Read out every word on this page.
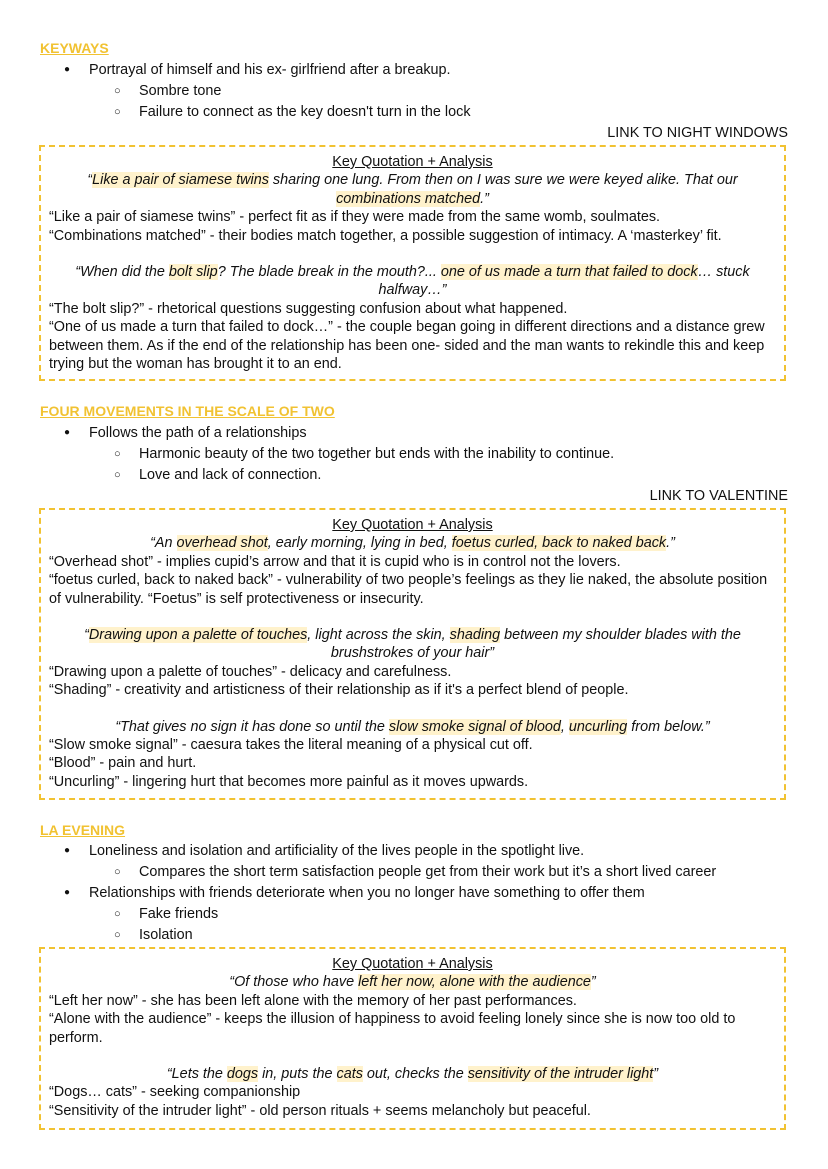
KEYWAYS

● Portrayal of himself and his ex- girlfriend after a breakup.

○ Sombre tone

○ Failure to connect as the key doesn't turn in the lock

LINK TO NIGHT WINDOWS

Key Quotation + Analysis

“Like a pair of siamese twins sharing one lung. From then on I was sure we were keyed alike. That our combinations matched.”

“Like a pair of siamese twins” - perfect fit as if they were made from the same womb, soulmates.

“Combinations matched” - their bodies match together, a possible suggestion of intimacy. A ‘masterkey’ fit.

“When did the bolt slip? The blade break in the mouth?... one of us made a turn that failed to dock… stuck halfway…”

“The bolt slip?” - rhetorical questions suggesting confusion about what happened.

“One of us made a turn that failed to dock…” - the couple began going in different directions and a distance grew between them. As if the end of the relationship has been one- sided and the man wants to rekindle this and keep trying but the woman has brought it to an end.

FOUR MOVEMENTS IN THE SCALE OF TWO

● Follows the path of a relationships

○ Harmonic beauty of the two together but ends with the inability to continue.

○ Love and lack of connection.

LINK TO VALENTINE

Key Quotation + Analysis

“An overhead shot, early morning, lying in bed, foetus curled, back to naked back.”

“Overhead shot” - implies cupid’s arrow and that it is cupid who is in control not the lovers.

“foetus curled, back to naked back” - vulnerability of two people’s feelings as they lie naked, the absolute position of vulnerability. “Foetus” is self protectiveness or insecurity.

“Drawing upon a palette of touches, light across the skin, shading between my shoulder blades with the brushstrokes of your hair”

“Drawing upon a palette of touches” - delicacy and carefulness.

“Shading” - creativity and artisticness of their relationship as if it's a perfect blend of people.

“That gives no sign it has done so until the slow smoke signal of blood, uncurling from below.”

“Slow smoke signal” - caesura takes the literal meaning of a physical cut off.

“Blood” - pain and hurt.

“Uncurling” - lingering hurt that becomes more painful as it moves upwards.

LA EVENING

● Loneliness and isolation and artificiality of the lives people in the spotlight live.

○ Compares the short term satisfaction people get from their work but it’s a short lived career

● Relationships with friends deteriorate when you no longer have something to offer them

○ Fake friends

○ Isolation

Key Quotation + Analysis

“Of those who have left her now, alone with the audience”

“Left her now” - she has been left alone with the memory of her past performances.

“Alone with the audience” - keeps the illusion of happiness to avoid feeling lonely since she is now too old to perform.

“Lets the dogs in, puts the cats out, checks the sensitivity of the intruder light”

“Dogs… cats” - seeking companionship

“Sensitivity of the intruder light” - old person rituals + seems melancholy but peaceful.
